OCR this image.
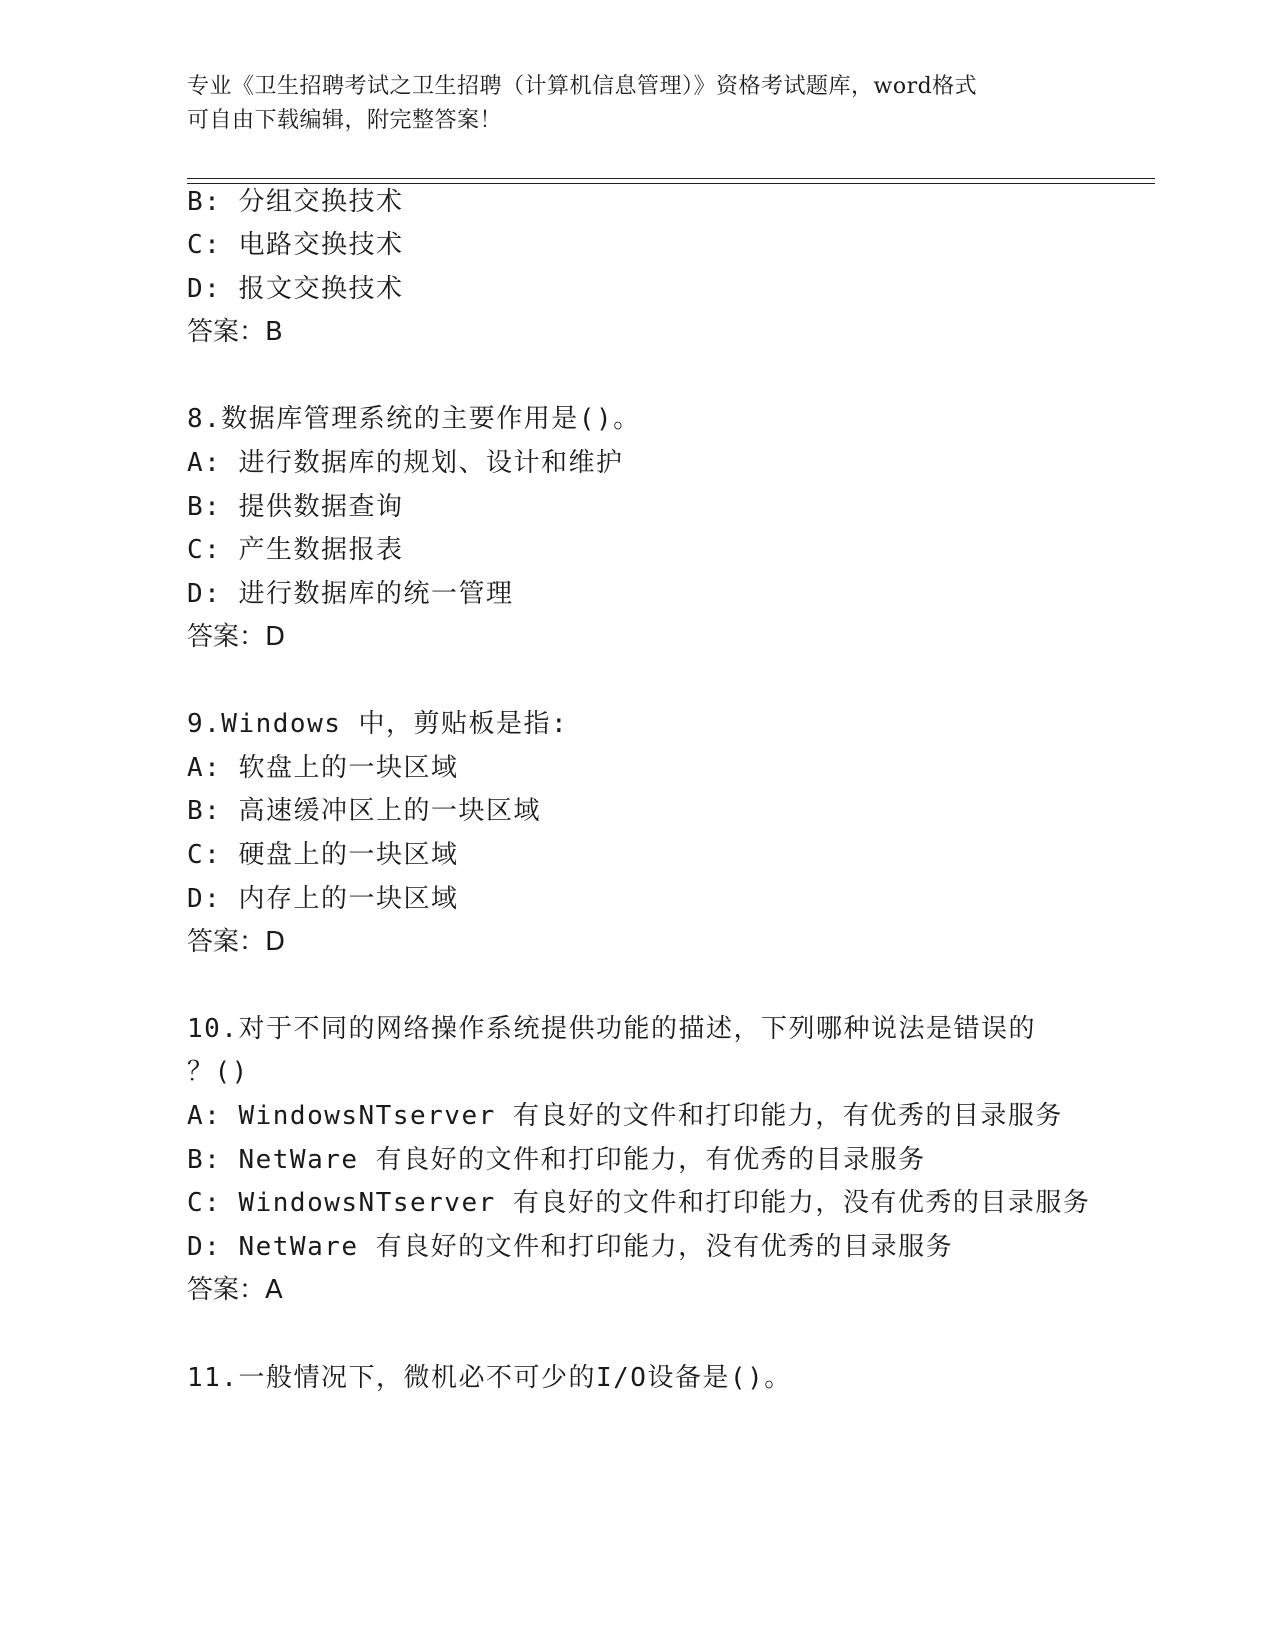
专业《卫生招聘考试之卫生招聘（计算机信息管理）》资格考试题库，word格式
可自由下载编辑，附完整答案！
B: 分组交换技术
C: 电路交换技术
D: 报文交换技术
答案：B
8.数据库管理系统的主要作用是()。
A: 进行数据库的规划、设计和维护
B: 提供数据查询
C: 产生数据报表
D: 进行数据库的统一管理
答案：D
9.Windows 中，剪贴板是指:
A: 软盘上的一块区域
B: 高速缓冲区上的一块区域
C: 硬盘上的一块区域
D: 内存上的一块区域
答案：D
10.对于不同的网络操作系统提供功能的描述，下列哪种说法是错误的
？()
A: WindowsNTserver 有良好的文件和打印能力，有优秀的目录服务
B: NetWare 有良好的文件和打印能力，有优秀的目录服务
C: WindowsNTserver 有良好的文件和打印能力，没有优秀的目录服务
D: NetWare 有良好的文件和打印能力，没有优秀的目录服务
答案：A
11.一般情况下，微机必不可少的I/O设备是()。
